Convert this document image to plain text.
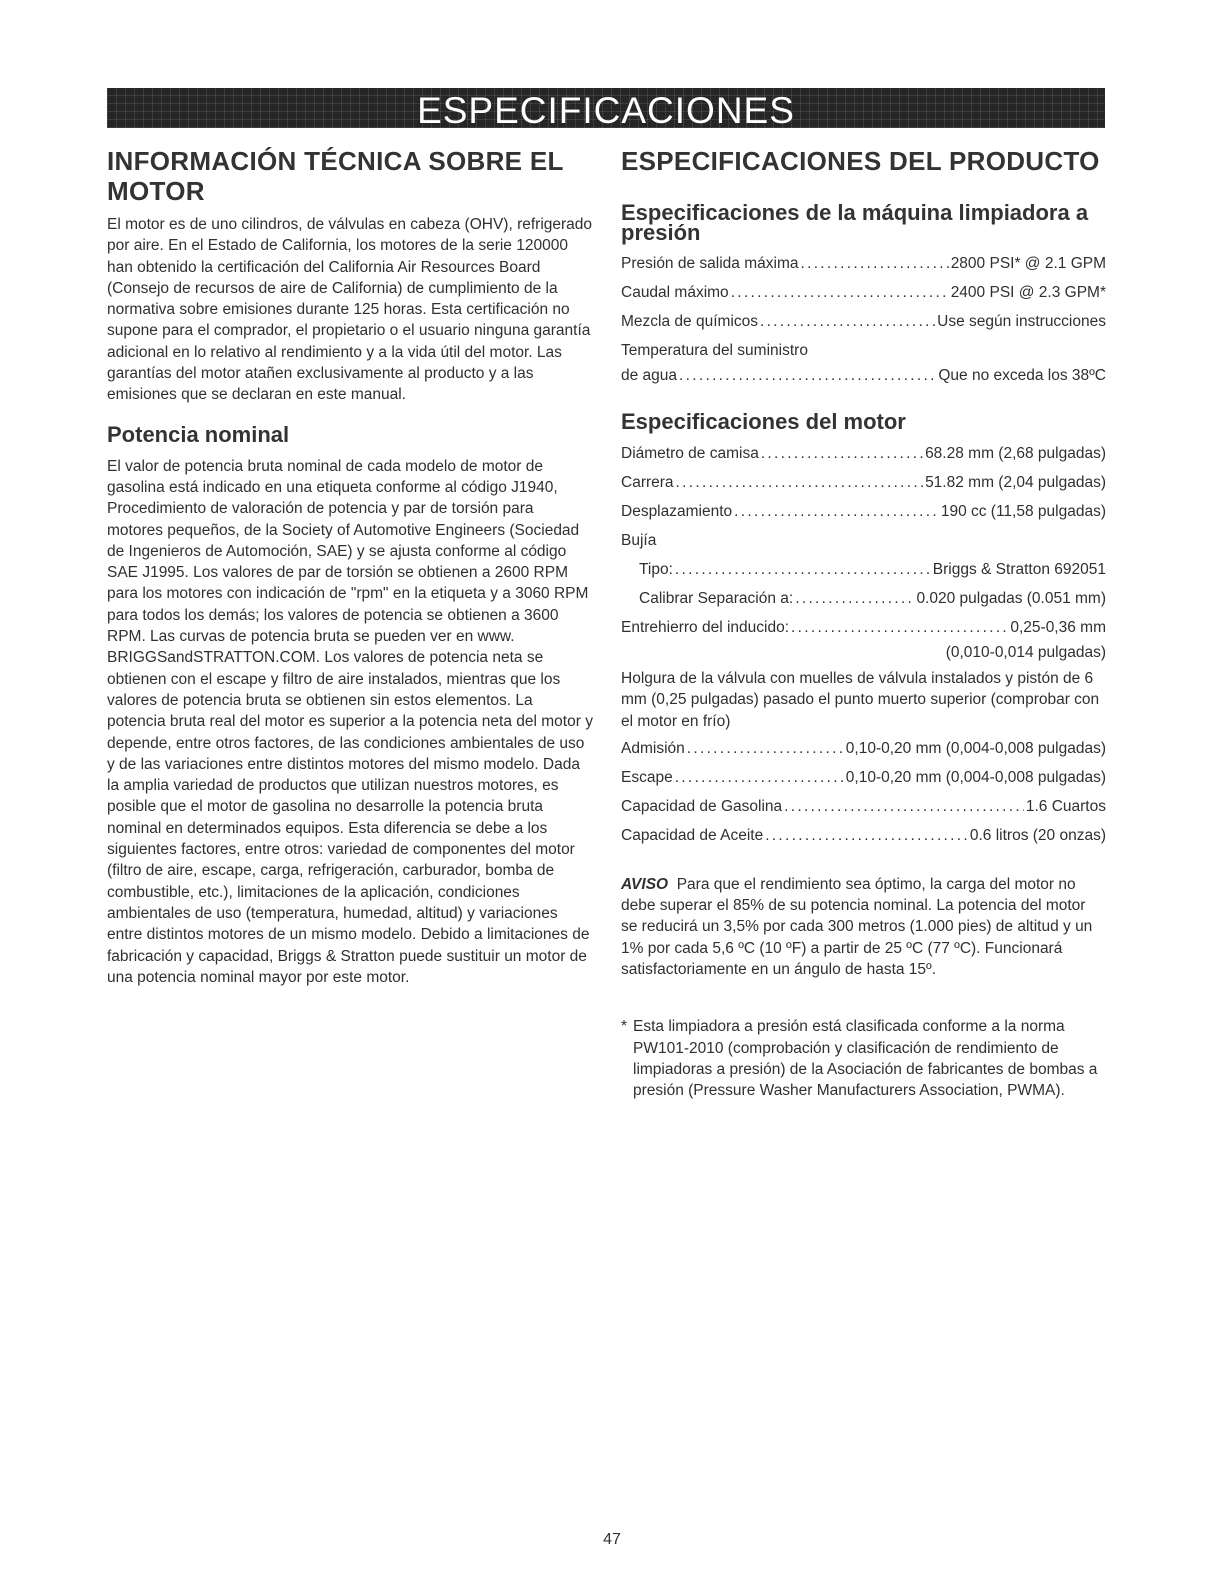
ESPECIFICACIONES
INFORMACIÓN TÉCNICA SOBRE EL MOTOR

El motor es de uno cilindros, de válvulas en cabeza (OHV), refrigerado por aire. En el Estado de California, los motores de la serie 120000 han obtenido la certificación del California Air Resources Board (Consejo de recursos de aire de California) de cumplimiento de la normativa sobre emisiones durante 125 horas. Esta certificación no supone para el comprador, el propietario o el usuario ninguna garantía adicional en lo relativo al rendimiento y a la vida útil del motor. Las garantías del motor atañen exclusivamente al producto y a las emisiones que se declaran en este manual.

Potencia nominal

El valor de potencia bruta nominal de cada modelo de motor de gasolina está indicado en una etiqueta conforme al código J1940, Procedimiento de valoración de potencia y par de torsión para motores pequeños, de la Society of Automotive Engineers (Sociedad de Ingenieros de Automoción, SAE) y se ajusta conforme al código SAE J1995. Los valores de par de torsión se obtienen a 2600 RPM para los motores con indicación de "rpm" en la etiqueta y a 3060 RPM para todos los demás; los valores de potencia se obtienen a 3600 RPM. Las curvas de potencia bruta se pueden ver en www. BRIGGSandSTRATTON.COM. Los valores de potencia neta se obtienen con el escape y filtro de aire instalados, mientras que los valores de potencia bruta se obtienen sin estos elementos. La potencia bruta real del motor es superior a la potencia neta del motor y depende, entre otros factores, de las condiciones ambientales de uso y de las variaciones entre distintos motores del mismo modelo. Dada la amplia variedad de productos que utilizan nuestros motores, es posible que el motor de gasolina no desarrolle la potencia bruta nominal en determinados equipos. Esta diferencia se debe a los siguientes factores, entre otros: variedad de componentes del motor (filtro de aire, escape, carga, refrigeración, carburador, bomba de combustible, etc.), limitaciones de la aplicación, condiciones ambientales de uso (temperatura, humedad, altitud) y variaciones entre distintos motores de un mismo modelo. Debido a limitaciones de fabricación y capacidad, Briggs & Stratton puede sustituir un motor de una potencia nominal mayor por este motor.

ESPECIFICACIONES DEL PRODUCTO
Especificaciones de la máquina limpiadora a presión
Presión de salida máxima .....	2800 PSI* @ 2.1 GPM
Caudal máximo .....	2400 PSI @ 2.3 GPM*
Mezcla de químicos .....	Use según instrucciones
Temperatura del suministro
de agua .....	Que no exceda los 38ºC
Especificaciones del motor
Diámetro de camisa .....	68.28 mm (2,68 pulgadas)
Carrera .....	51.82 mm (2,04 pulgadas)
Desplazamiento .....	190 cc (11,58 pulgadas)
Bujía
Tipo: .....	Briggs & Stratton 692051
Calibrar Separación a: .....	0.020 pulgadas (0.051 mm)
Entrehierro del inducido: .....	0,25-0,36 mm
(0,010-0,014 pulgadas)

Holgura de la válvula con muelles de válvula instalados y pistón de 6 mm (0,25 pulgadas) pasado el punto muerto superior (comprobar con el motor en frío)

Admisión .....	0,10-0,20 mm (0,004-0,008 pulgadas)
Escape .....	0,10-0,20 mm (0,004-0,008 pulgadas)
Capacidad de Gasolina .....	1.6 Cuartos
Capacidad de Aceite .....	0.6 litros (20 onzas)

AVISO Para que el rendimiento sea óptimo, la carga del motor no debe superar el 85% de su potencia nominal. La potencia del motor se reducirá un 3,5% por cada 300 metros (1.000 pies) de altitud y un 1% por cada 5,6 ºC (10 ºF) a partir de 25 ºC (77 ºC). Funcionará satisfactoriamente en un ángulo de hasta 15º.

* Esta limpiadora a presión está clasificada conforme a la norma PW101-2010 (comprobación y clasificación de rendimiento de limpiadoras a presión) de la Asociación de fabricantes de bombas a presión (Pressure Washer Manufacturers Association, PWMA).

47
